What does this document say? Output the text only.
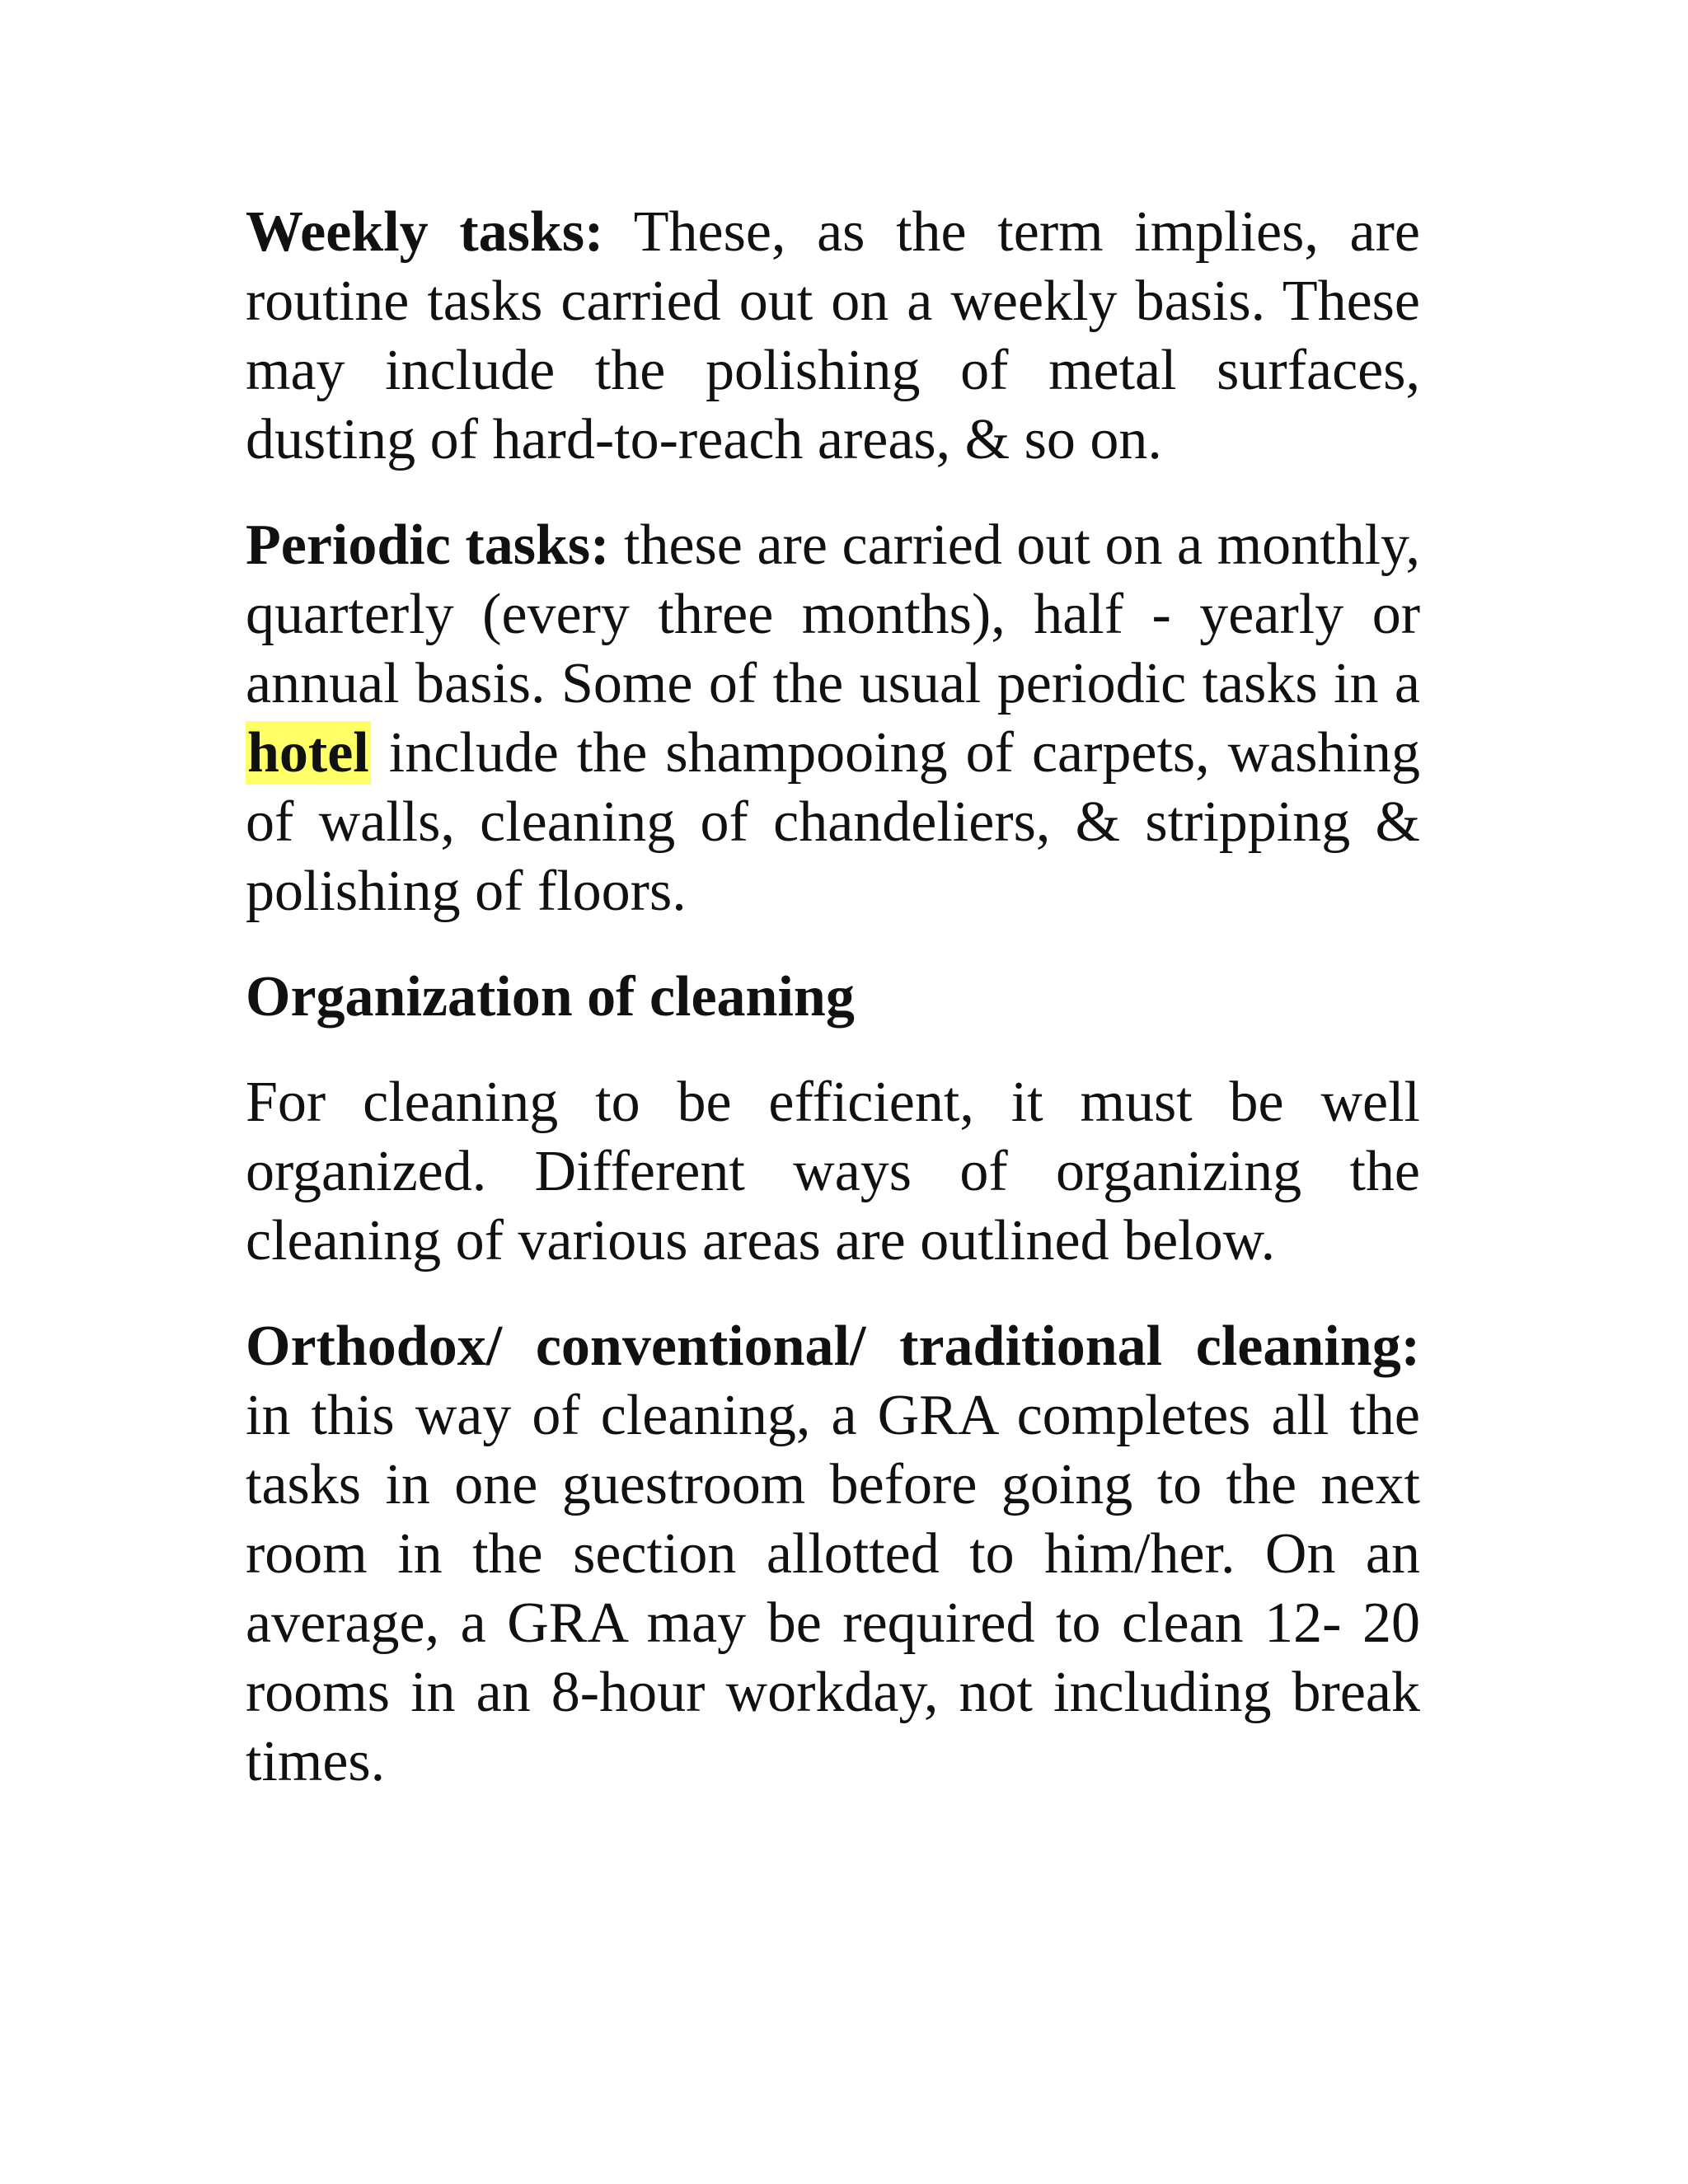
Weekly tasks: These, as the term implies, are routine tasks carried out on a weekly basis. These may include the polishing of metal surfaces, dusting of hard-to-reach areas, & so on.

Periodic tasks: these are carried out on a monthly, quarterly (every three months), half - yearly or annual basis. Some of the usual periodic tasks in a hotel include the shampooing of carpets, washing of walls, cleaning of chandeliers, & stripping & polishing of floors.

Organization of cleaning

For cleaning to be efficient, it must be well organized. Different ways of organizing the cleaning of various areas are outlined below.

Orthodox/ conventional/ traditional cleaning: in this way of cleaning, a GRA completes all the tasks in one guestroom before going to the next room in the section allotted to him/her. On an average, a GRA may be required to clean 12- 20 rooms in an 8-hour workday, not including break times.
